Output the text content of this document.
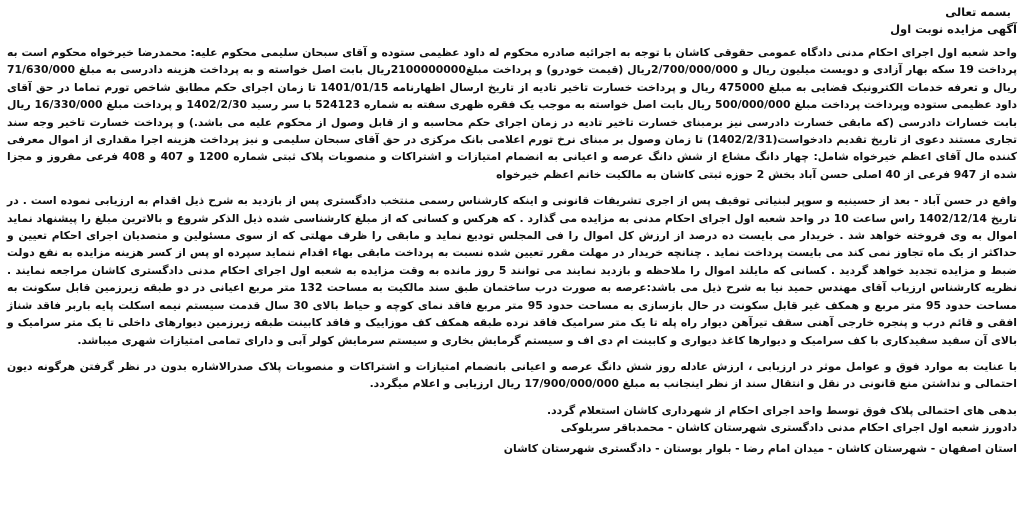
بسمه تعالی

آگهی مزایده نوبت اول

واحد شعبه اول اجرای احکام مدنی دادگاه عمومی حقوقی کاشان با توجه به اجرائیه صادره محکوم له داود عظیمی ستوده و آقای سبحان سلیمی محکوم علیه: محمدرضا خیرخواه محکوم است به پرداخت 19 سکه بهار آزادی و دویست میلیون ریال و 2/700/000/000ریال (قیمت خودرو) و پرداخت مبلغ2100000000ریال بابت اصل خواسته و به پرداخت هزینه دادرسی به مبلغ 71/630/000 ریال و تعرفه خدمات الکترونیک قضایی به مبلغ 475000 ریال و پرداخت خسارت تاخیر تادیه از تاریخ ارسال اظهارنامه 1401/01/15 تا زمان اجرای حکم مطابق شاخص تورم تماما در حق آقای داود عظیمی ستوده وپرداخت پرداخت مبلغ 500/000/000 ریال بابت اصل خواسته به موجب یک فقره ظهری سفته به شماره 524123 با سر رسید 1402/2/30 و پرداخت مبلغ 16/330/000 ریال بابت خسارات دادرسی (که مابقی خسارت دادرسی نیز برمبنای خسارت تاخیر تادیه در زمان اجرای حکم محاسبه و از قابل وصول از محکوم علیه می باشد.) و پرداخت خسارت تاخیر وجه سند تجاری مستند دعوی از تاریخ تقدیم دادخواست(1402/2/31) تا زمان وصول بر مبنای نرخ تورم اعلامی بانک مرکزی در حق آقای سبحان سلیمی و نیز پرداخت هزینه اجرا مقداری از اموال معرفی کننده مال آقای اعظم خیرخواه شامل: چهار دانگ مشاع از شش دانگ عرصه و اعیانی به انضمام امتیازات و اشتراکات و منصوبات پلاک ثبتی شماره 1200 و 407 و 408 فرعی مفروز و مجزا شده از 947 فرعی از 40 اصلی حسن آباد بخش 2 حوزه ثبتی کاشان به مالکیت خانم اعظم خیرخواه

واقع در حسن آباد - بعد از حسینیه و سوپر لبنیاتی توقیف پس از اجری تشریفات قانونی و اینکه کارشناس رسمی منتخب دادگستری پس از بازدید به شرح ذیل اقدام به ارزیابی نموده است . در تاریخ 1402/12/14 راس ساعت 10 در واحد شعبه اول اجرای احکام مدنی به مزایده می گذارد . که هرکس و کسانی که از مبلغ کارشناسی شده ذیل الذکر شروع و بالاترین مبلغ را پیشنهاد نماید اموال به وی فروخته خواهد شد . خریدار می بایست ده درصد از ارزش کل اموال را فی المجلس تودیع نماید و مابقی را ظرف مهلتی که از سوی مسئولین و متصدیان اجرای احکام تعیین و حداکثر از یک ماه تجاوز نمی کند می بایست پرداخت نماید . چنانچه خریدار در مهلت مقرر تعیین شده نسبت به پرداخت مابقی بهاء اقدام ننماید سپرده او پس از کسر هزینه مزایده به نفع دولت ضبط و مزایده تجدید خواهد گردید . کسانی که مایلند اموال را ملاحظه و بازدید نمایند می توانند 5 روز مانده به وقت مزایده به شعبه اول اجرای احکام مدنی دادگستری کاشان مراجعه نمایند . نظریه کارشناس ارزیاب آقای مهندس حمید نیا به شرح ذیل می باشد:عرصه به صورت درب ساختمان طبق سند مالکیت به مساحت 132 متر مربع اعیانی در دو طبقه زیرزمین قابل سکونت به مساحت حدود 95 متر مربع و همکف غیر قابل سکونت در حال بازسازی به مساحت حدود 95 متر مربع فاقد نمای کوچه و حیاط بالای 30 سال قدمت سیستم نیمه اسکلت پایه باربر فاقد شناژ افقی و قائم درب و پنجره خارجی آهنی سقف تیرآهن دیوار راه پله تا یک متر سرامیک فاقد نرده طبقه همکف کف موزاییک و فاقد کابینت طبقه زیرزمین دیوارهای داخلی تا یک متر سرامیک و بالای آن سفید سفیدکاری با کف سرامیک و دیوارها کاغذ دیواری و کابینت ام دی اف و سیستم گرمایش بخاری و سیستم سرمایش کولر آبی و دارای تمامی امتیازات شهری میباشد.

با عنایت به موارد فوق و عوامل موثر در ارزیابی ، ارزش عادله روز شش دانگ عرصه و اعیانی بانضمام امتیازات و اشتراکات و منصوبات پلاک صدرالاشاره بدون در نظر گرفتن هرگونه دیون احتمالی و نداشتن منع قانونی در نقل و انتقال سند از نظر اینجانب به مبلغ 17/900/000/000 ریال ارزیابی و اعلام میگردد.

بدهی های احتمالی پلاک فوق توسط واحد اجرای احکام از شهرداری کاشان استعلام گردد.

دادورز شعبه اول اجرای احکام مدنی دادگستری شهرستان کاشان - محمدباقر سربلوکی

استان اصفهان - شهرستان کاشان - میدان امام رضا - بلوار بوستان - دادگستری شهرستان کاشان
